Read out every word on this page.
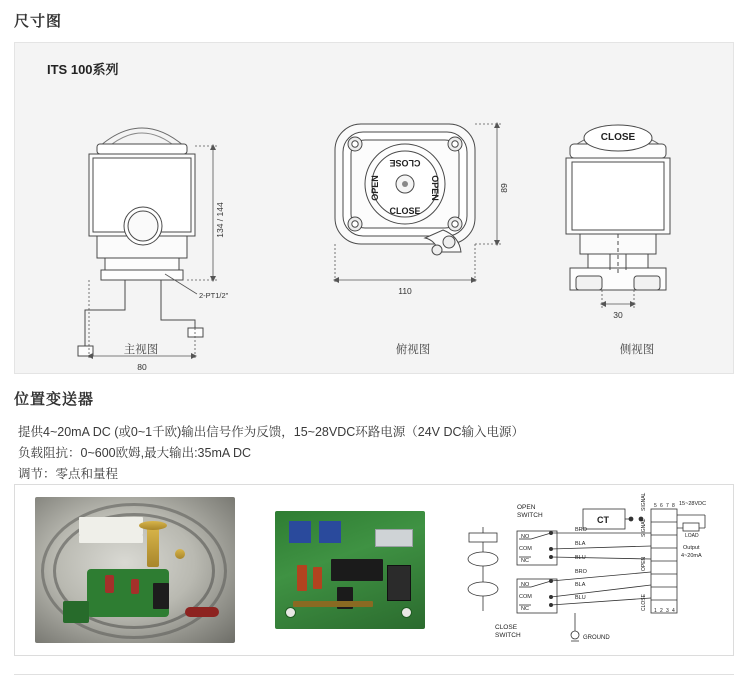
尺寸图
ITS 100系列
134 / 144
80
2-PT1/2"
CLOSE
OPEN	OPEN
CLOSE
89
110
CLOSE
30
主视图	俯视图	侧视图
位置变送器
提供4~20mA DC (或0~1千欧)输出信号作为反馈，15~28VDC环路电源（24V DC输入电源）
负载阻抗：0~600欧姆,最大输出:35mA DC
调节：零点和量程
OPEN
SWITCH
CLOSE
SWITCH
CT
NO
COM
NC
NO
COM
NC
BRO
BLA
BLU
BRO
BLA
BLU	CLOSE
OPEN
SIGNAL
SIGNAL
1 2 3 4
5 6 7 8 15~28VDC
LOAD
Output
4~20mA
GROUND
